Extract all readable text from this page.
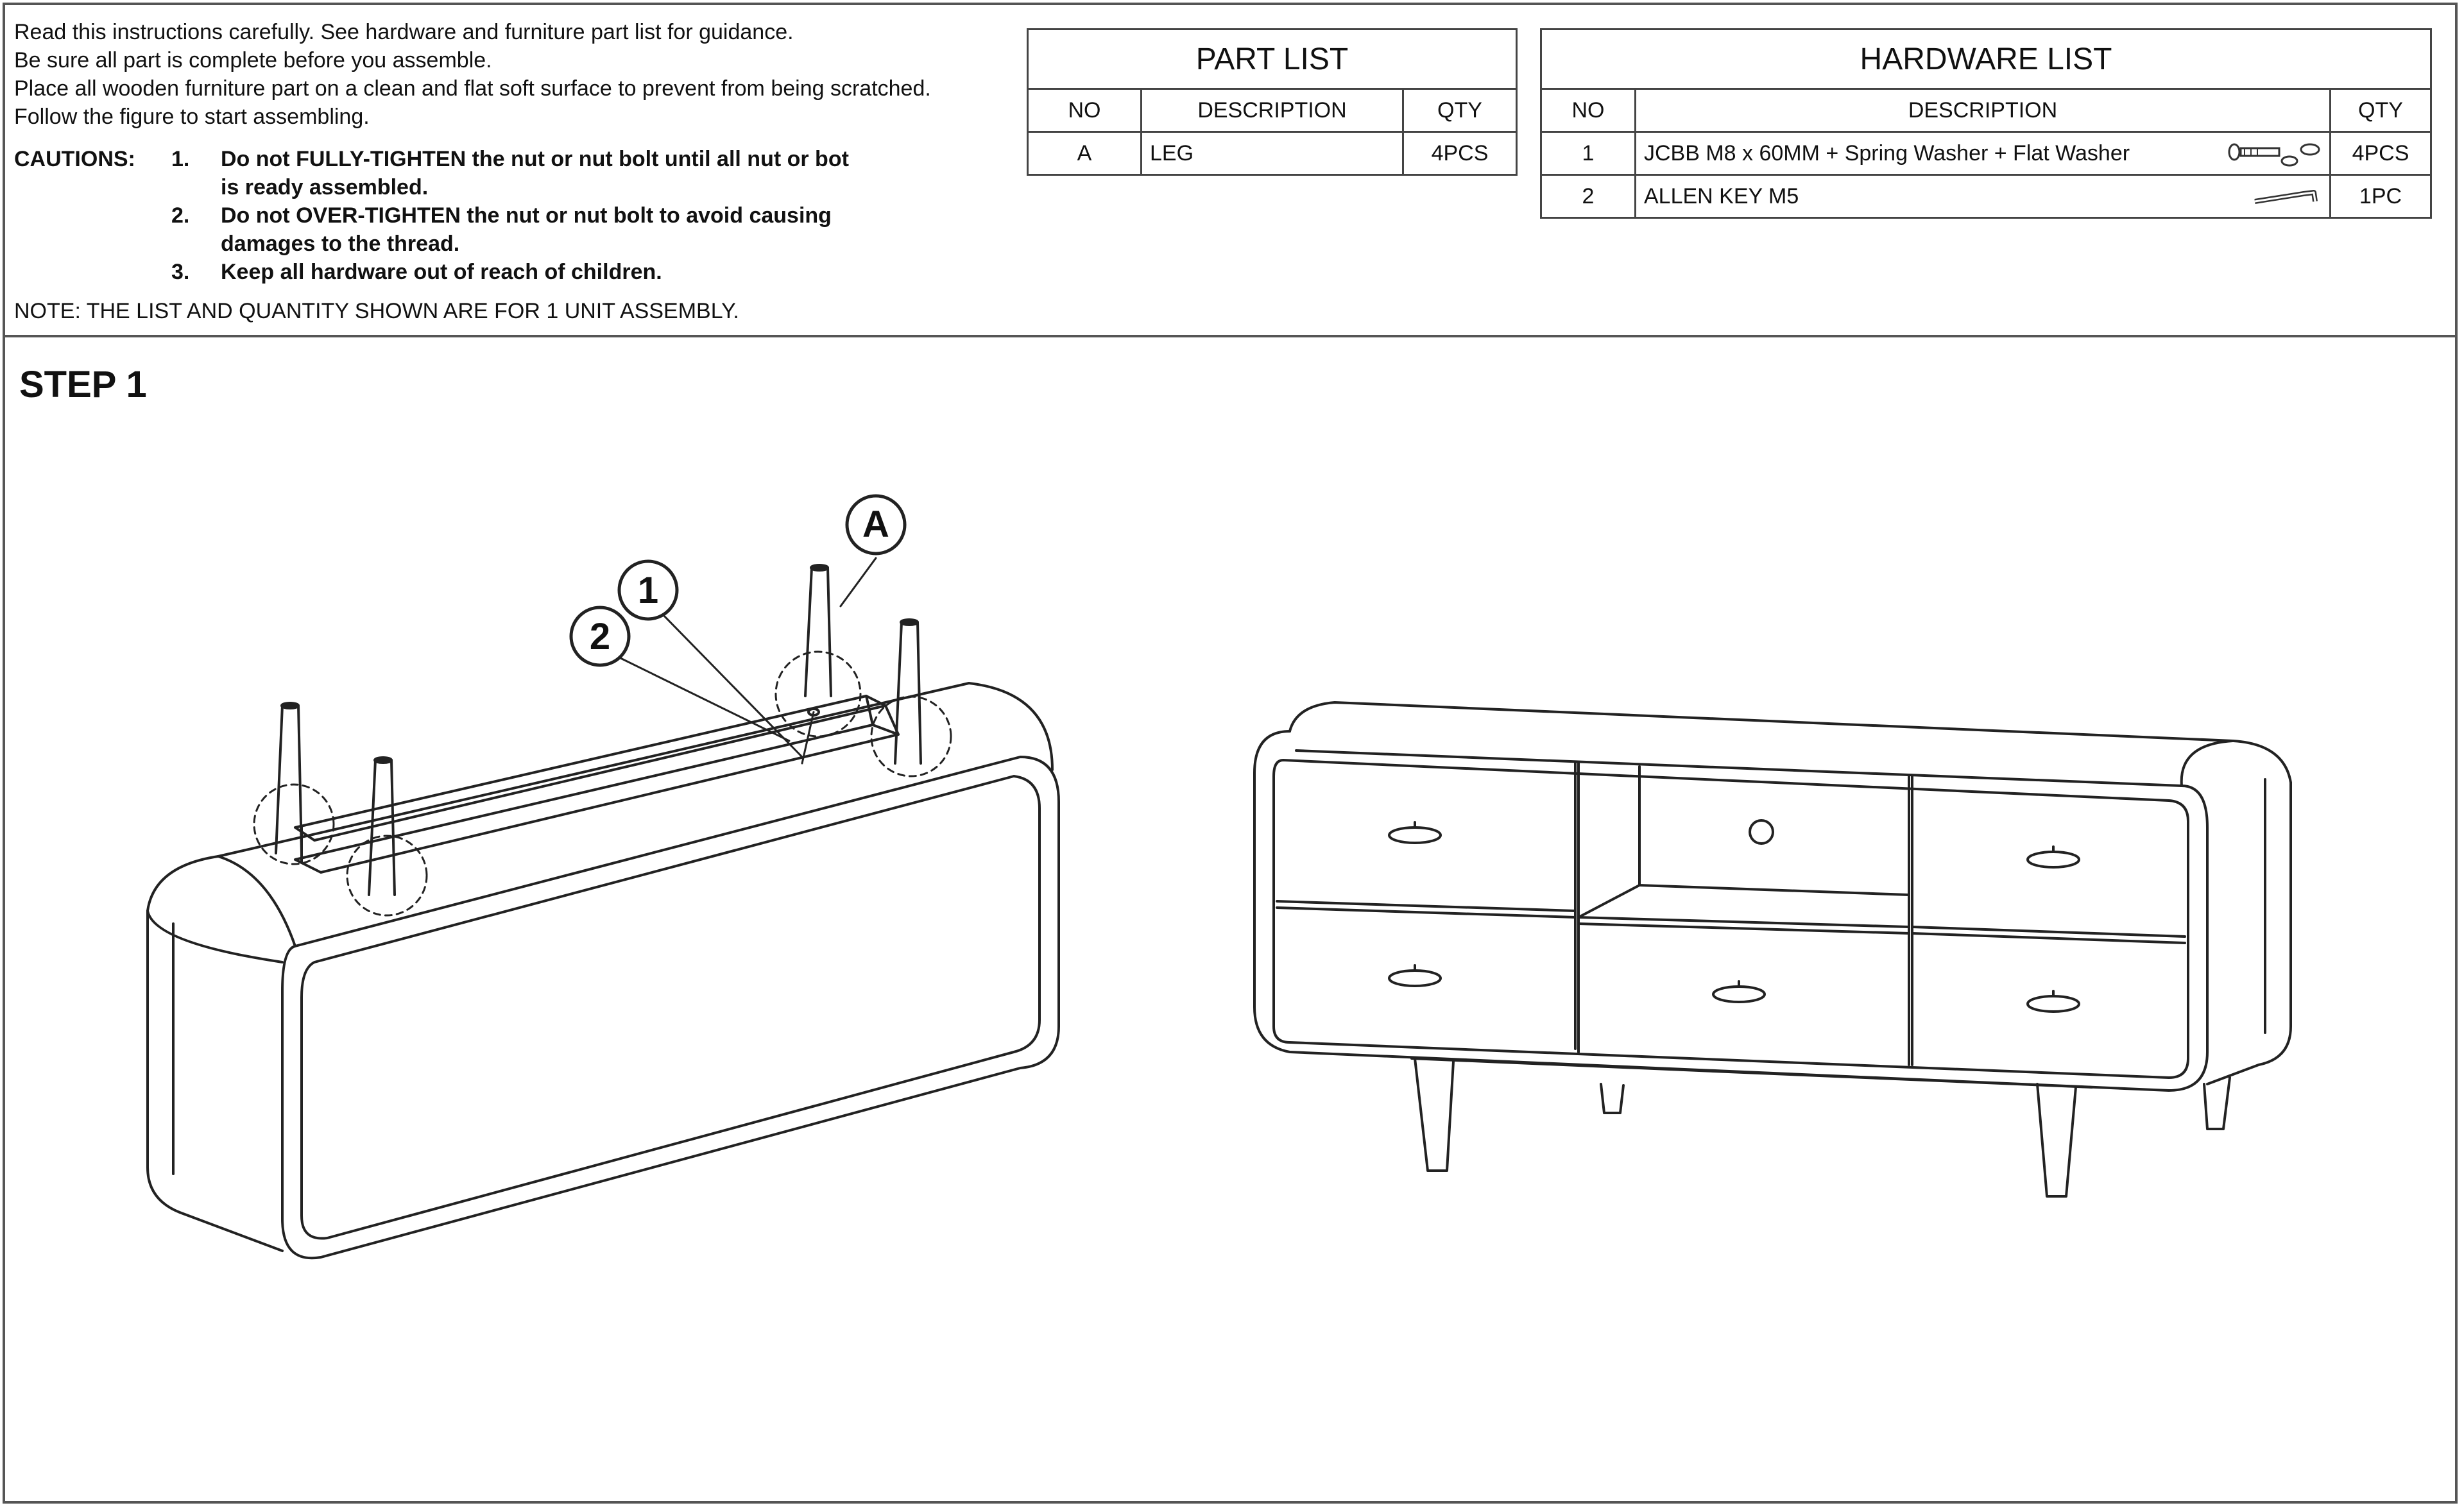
Read this instructions carefully. See hardware and furniture part list for guidance.

Be sure all part is complete before you assemble.

Place all wooden furniture part on a clean and flat soft surface to prevent from being scratched.

Follow the figure to start assembling.

CAUTIONS: 1. Do not FULLY-TIGHTEN the nut or nut bolt until all nut or bot
is ready assembled.
2. Do not OVER-TIGHTEN the nut or nut bolt to avoid causing
damages to the thread.
3. Keep all hardware out of reach of children.
NOTE: THE LIST AND QUANTITY SHOWN ARE FOR 1 UNIT ASSEMBLY.
PART LIST		
NO	DESCRIPTION	QTY
A	LEG	4PCS
HARDWARE LIST		
NO	DESCRIPTION	QTY
1	JCBB M8 x 60MM + Spring Washer + Flat Washer	4PCS
2	ALLEN KEY M5	1PC
STEP 1
A
1
2
